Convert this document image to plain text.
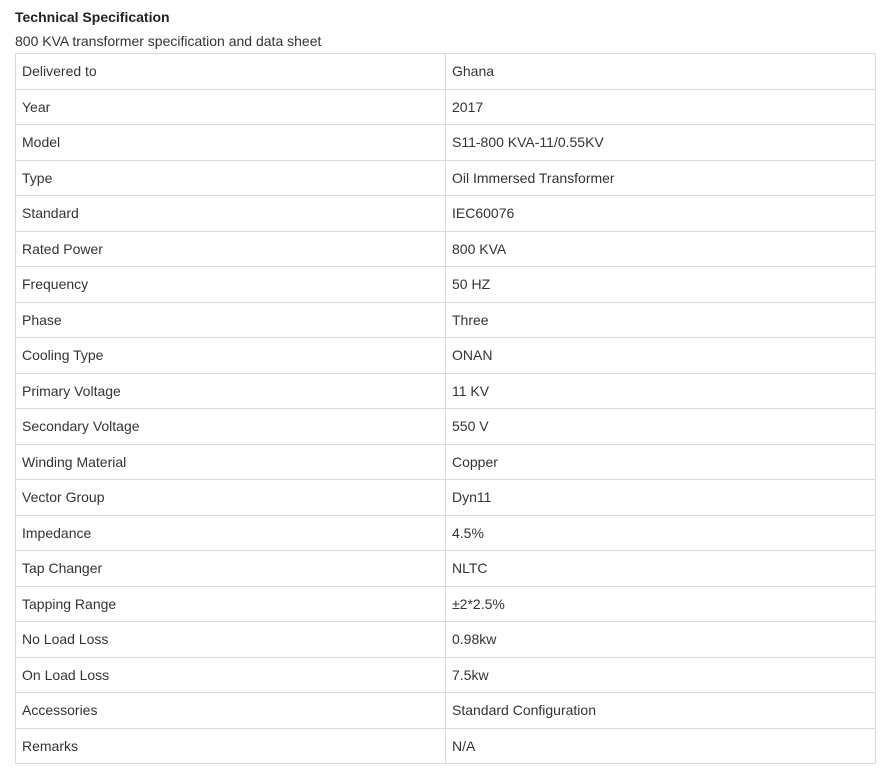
Technical Specification
800 KVA transformer specification and data sheet
Delivered to	Ghana
Year	2017
Model	S11-800 KVA-11/0.55KV
Type	Oil Immersed Transformer
Standard	IEC60076
Rated Power	800 KVA
Frequency	50 HZ
Phase	Three
Cooling Type	ONAN
Primary Voltage	11 KV
Secondary Voltage	550 V
Winding Material	Copper
Vector Group	Dyn11
Impedance	4.5%
Tap Changer	NLTC
Tapping Range	±2*2.5%
No Load Loss	0.98kw
On Load Loss	7.5kw
Accessories	Standard Configuration
Remarks	N/A
